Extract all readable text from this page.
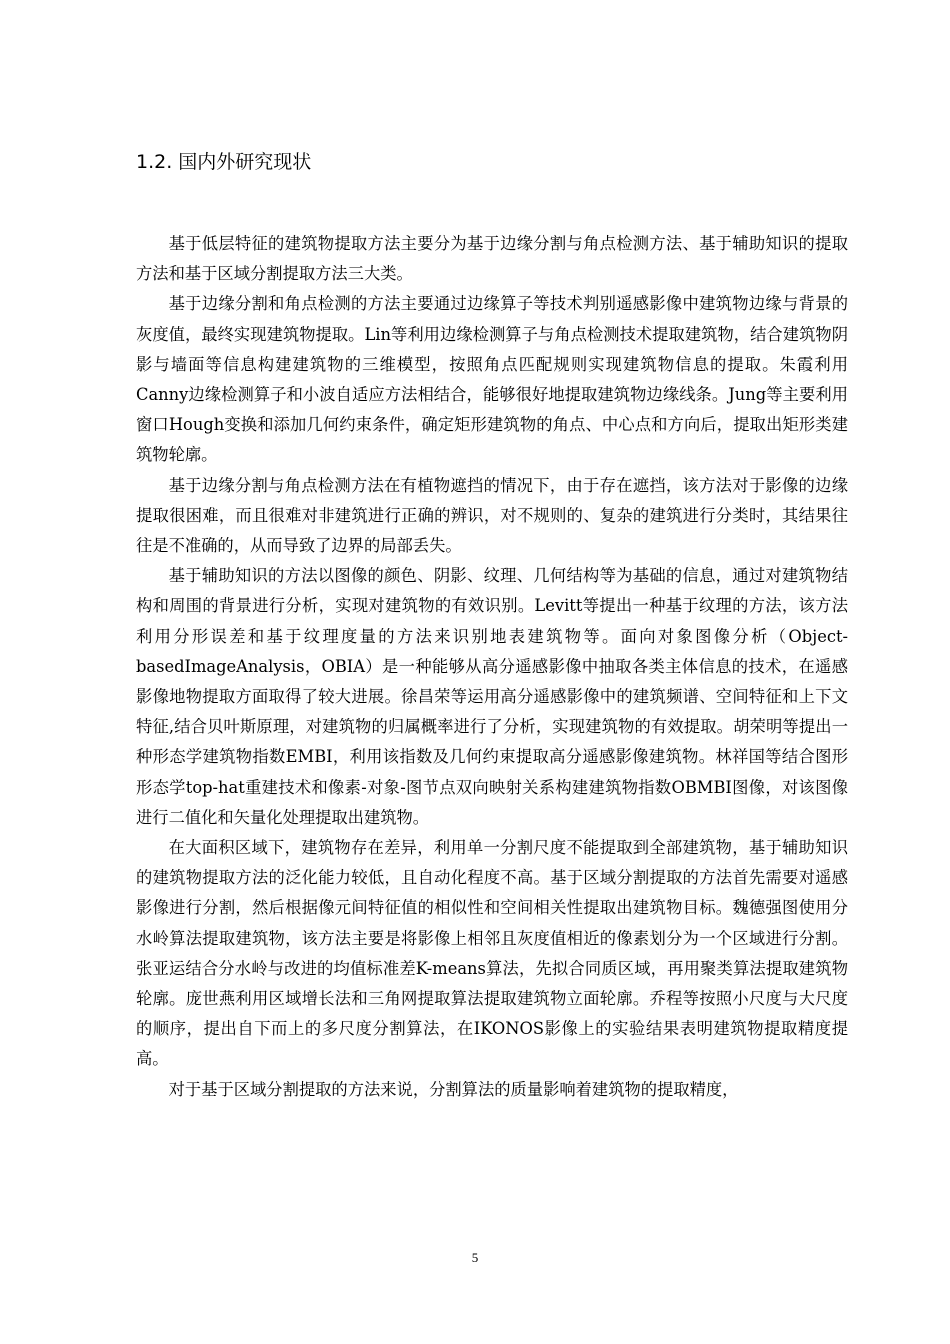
1.2. 国内外研究现状

基于低层特征的建筑物提取方法主要分为基于边缘分割与角点检测方法、基于辅助知识的提取方法和基于区域分割提取方法三大类。

基于边缘分割和角点检测的方法主要通过边缘算子等技术判别遥感影像中建筑物边缘与背景的灰度值，最终实现建筑物提取。Lin等利用边缘检测算子与角点检测技术提取建筑物，结合建筑物阴影与墙面等信息构建建筑物的三维模型，按照角点匹配规则实现建筑物信息的提取。朱霞利用Canny边缘检测算子和小波自适应方法相结合，能够很好地提取建筑物边缘线条。Jung等主要利用窗口Hough变换和添加几何约束条件，确定矩形建筑物的角点、中心点和方向后，提取出矩形类建筑物轮廓。

基于边缘分割与角点检测方法在有植物遮挡的情况下，由于存在遮挡，该方法对于影像的边缘提取很困难，而且很难对非建筑进行正确的辨识，对不规则的、复杂的建筑进行分类时，其结果往往是不准确的，从而导致了边界的局部丢失。

基于辅助知识的方法以图像的颜色、阴影、纹理、几何结构等为基础的信息，通过对建筑物结构和周围的背景进行分析，实现对建筑物的有效识别。Levitt等提出一种基于纹理的方法，该方法利用分形误差和基于纹理度量的方法来识别地表建筑物等。面向对象图像分析（Object-basedImageAnalysis，OBIA）是一种能够从高分遥感影像中抽取各类主体信息的技术，在遥感影像地物提取方面取得了较大进展。徐昌荣等运用高分遥感影像中的建筑频谱、空间特征和上下文特征,结合贝叶斯原理，对建筑物的归属概率进行了分析，实现建筑物的有效提取。胡荣明等提出一种形态学建筑物指数EMBI，利用该指数及几何约束提取高分遥感影像建筑物。林祥国等结合图形形态学top-hat重建技术和像素-对象-图节点双向映射关系构建建筑物指数OBMBI图像，对该图像进行二值化和矢量化处理提取出建筑物。

在大面积区域下，建筑物存在差异，利用单一分割尺度不能提取到全部建筑物，基于辅助知识的建筑物提取方法的泛化能力较低，且自动化程度不高。基于区域分割提取的方法首先需要对遥感影像进行分割，然后根据像元间特征值的相似性和空间相关性提取出建筑物目标。魏德强图使用分水岭算法提取建筑物，该方法主要是将影像上相邻且灰度值相近的像素划分为一个区域进行分割。张亚运结合分水岭与改进的均值标准差K-means算法，先拟合同质区域，再用聚类算法提取建筑物轮廓。庞世燕利用区域增长法和三角网提取算法提取建筑物立面轮廓。乔程等按照小尺度与大尺度的顺序，提出自下而上的多尺度分割算法，在IKONOS影像上的实验结果表明建筑物提取精度提高。

对于基于区域分割提取的方法来说，分割算法的质量影响着建筑物的提取精度，

5
